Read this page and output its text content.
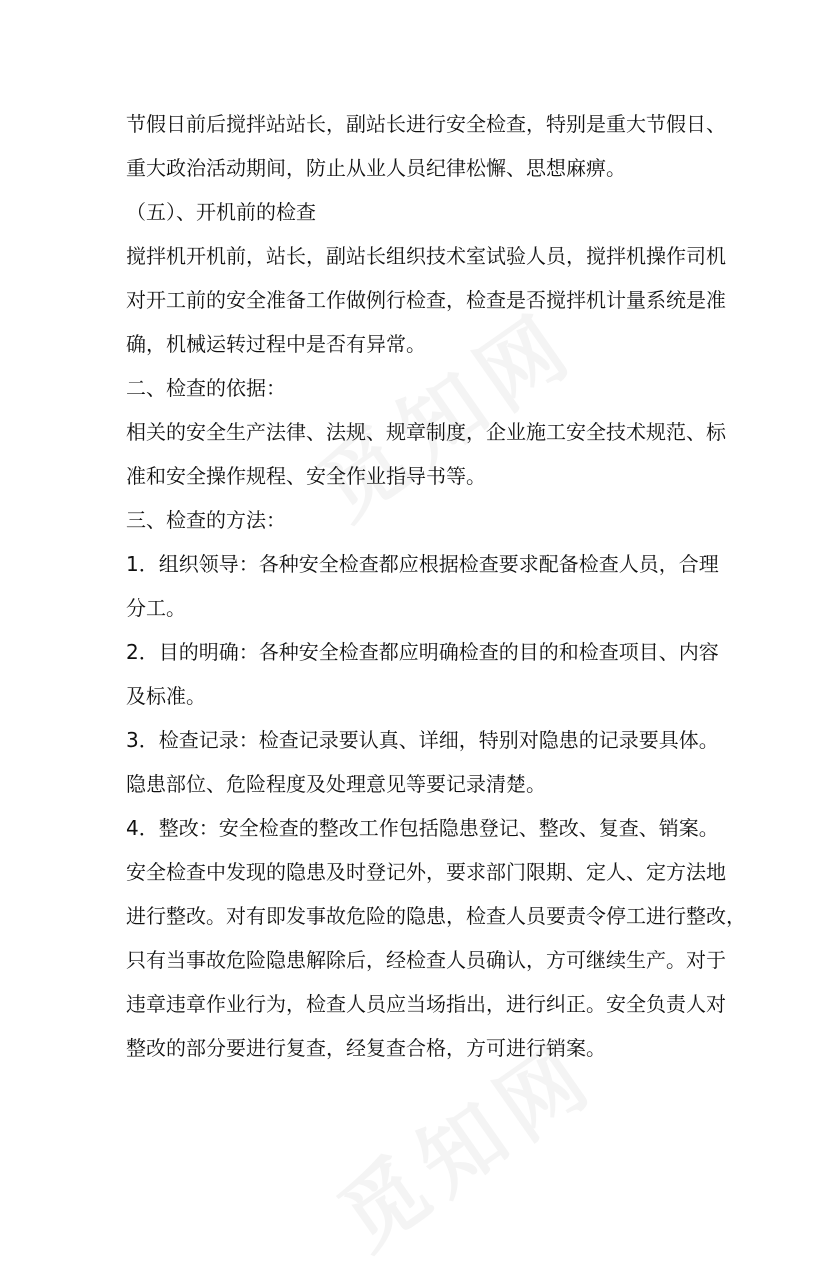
节假日前后搅拌站站长，副站长进行安全检查，特别是重大节假日、
重大政治活动期间，防止从业人员纪律松懈、思想麻痹。
（五）、开机前的检查
搅拌机开机前，站长，副站长组织技术室试验人员，搅拌机操作司机
对开工前的安全准备工作做例行检查，检查是否搅拌机计量系统是准
确，机械运转过程中是否有异常。
二、检查的依据：
相关的安全生产法律、法规、规章制度，企业施工安全技术规范、标
准和安全操作规程、安全作业指导书等。
三、检查的方法：
1．组织领导：各种安全检查都应根据检查要求配备检查人员，合理
分工。
2．目的明确：各种安全检查都应明确检查的目的和检查项目、内容
及标准。
3．检查记录：检查记录要认真、详细，特别对隐患的记录要具体。
隐患部位、危险程度及处理意见等要记录清楚。
4．整改：安全检查的整改工作包括隐患登记、整改、复查、销案。
安全检查中发现的隐患及时登记外，要求部门限期、定人、定方法地
进行整改。对有即发事故危险的隐患，检查人员要责令停工进行整改，
只有当事故危险隐患解除后，经检查人员确认，方可继续生产。对于
违章违章作业行为，检查人员应当场指出，进行纠正。安全负责人对
整改的部分要进行复查，经复查合格，方可进行销案。
